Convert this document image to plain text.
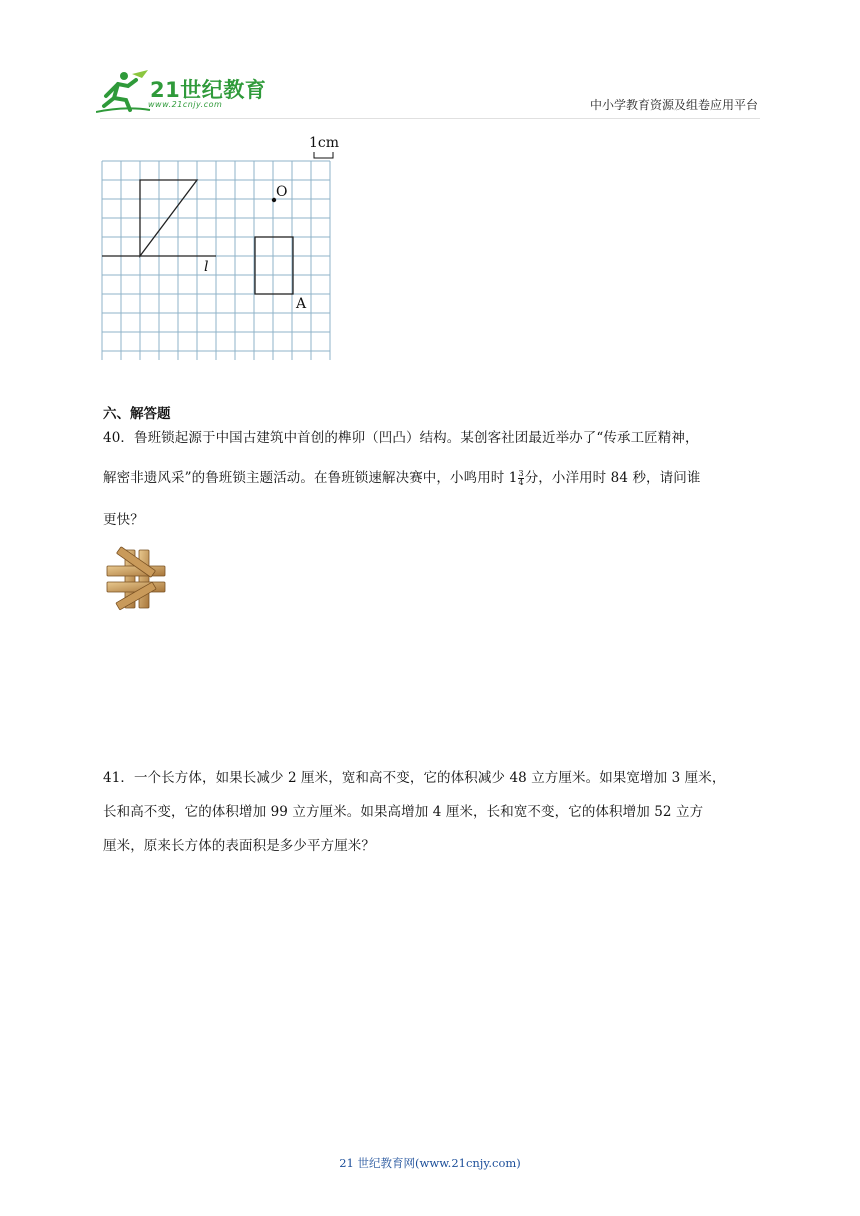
21世纪教育
www.21cnjy.com	中小学教育资源及组卷应用平台
1cm
l
O
A
六、解答题
40．鲁班锁起源于中国古建筑中首创的榫卯（凹凸）结构。某创客社团最近举办了“传承工匠精神，
解密非遗风采”的鲁班锁主题活动。在鲁班锁速解决赛中，小鸣用时 $1 \frac{3}{4}$ 分，小洋用时 84 秒，请问谁
更快？
41．一个长方体，如果长减少 2 厘米，宽和高不变，它的体积减少 48 立方厘米。如果宽增加 3 厘米，
长和高不变，它的体积增加 99 立方厘米。如果高增加 4 厘米，长和宽不变，它的体积增加 52 立方
厘米，原来长方体的表面积是多少平方厘米？
21 世纪教育网(www.21cnjy.com)
